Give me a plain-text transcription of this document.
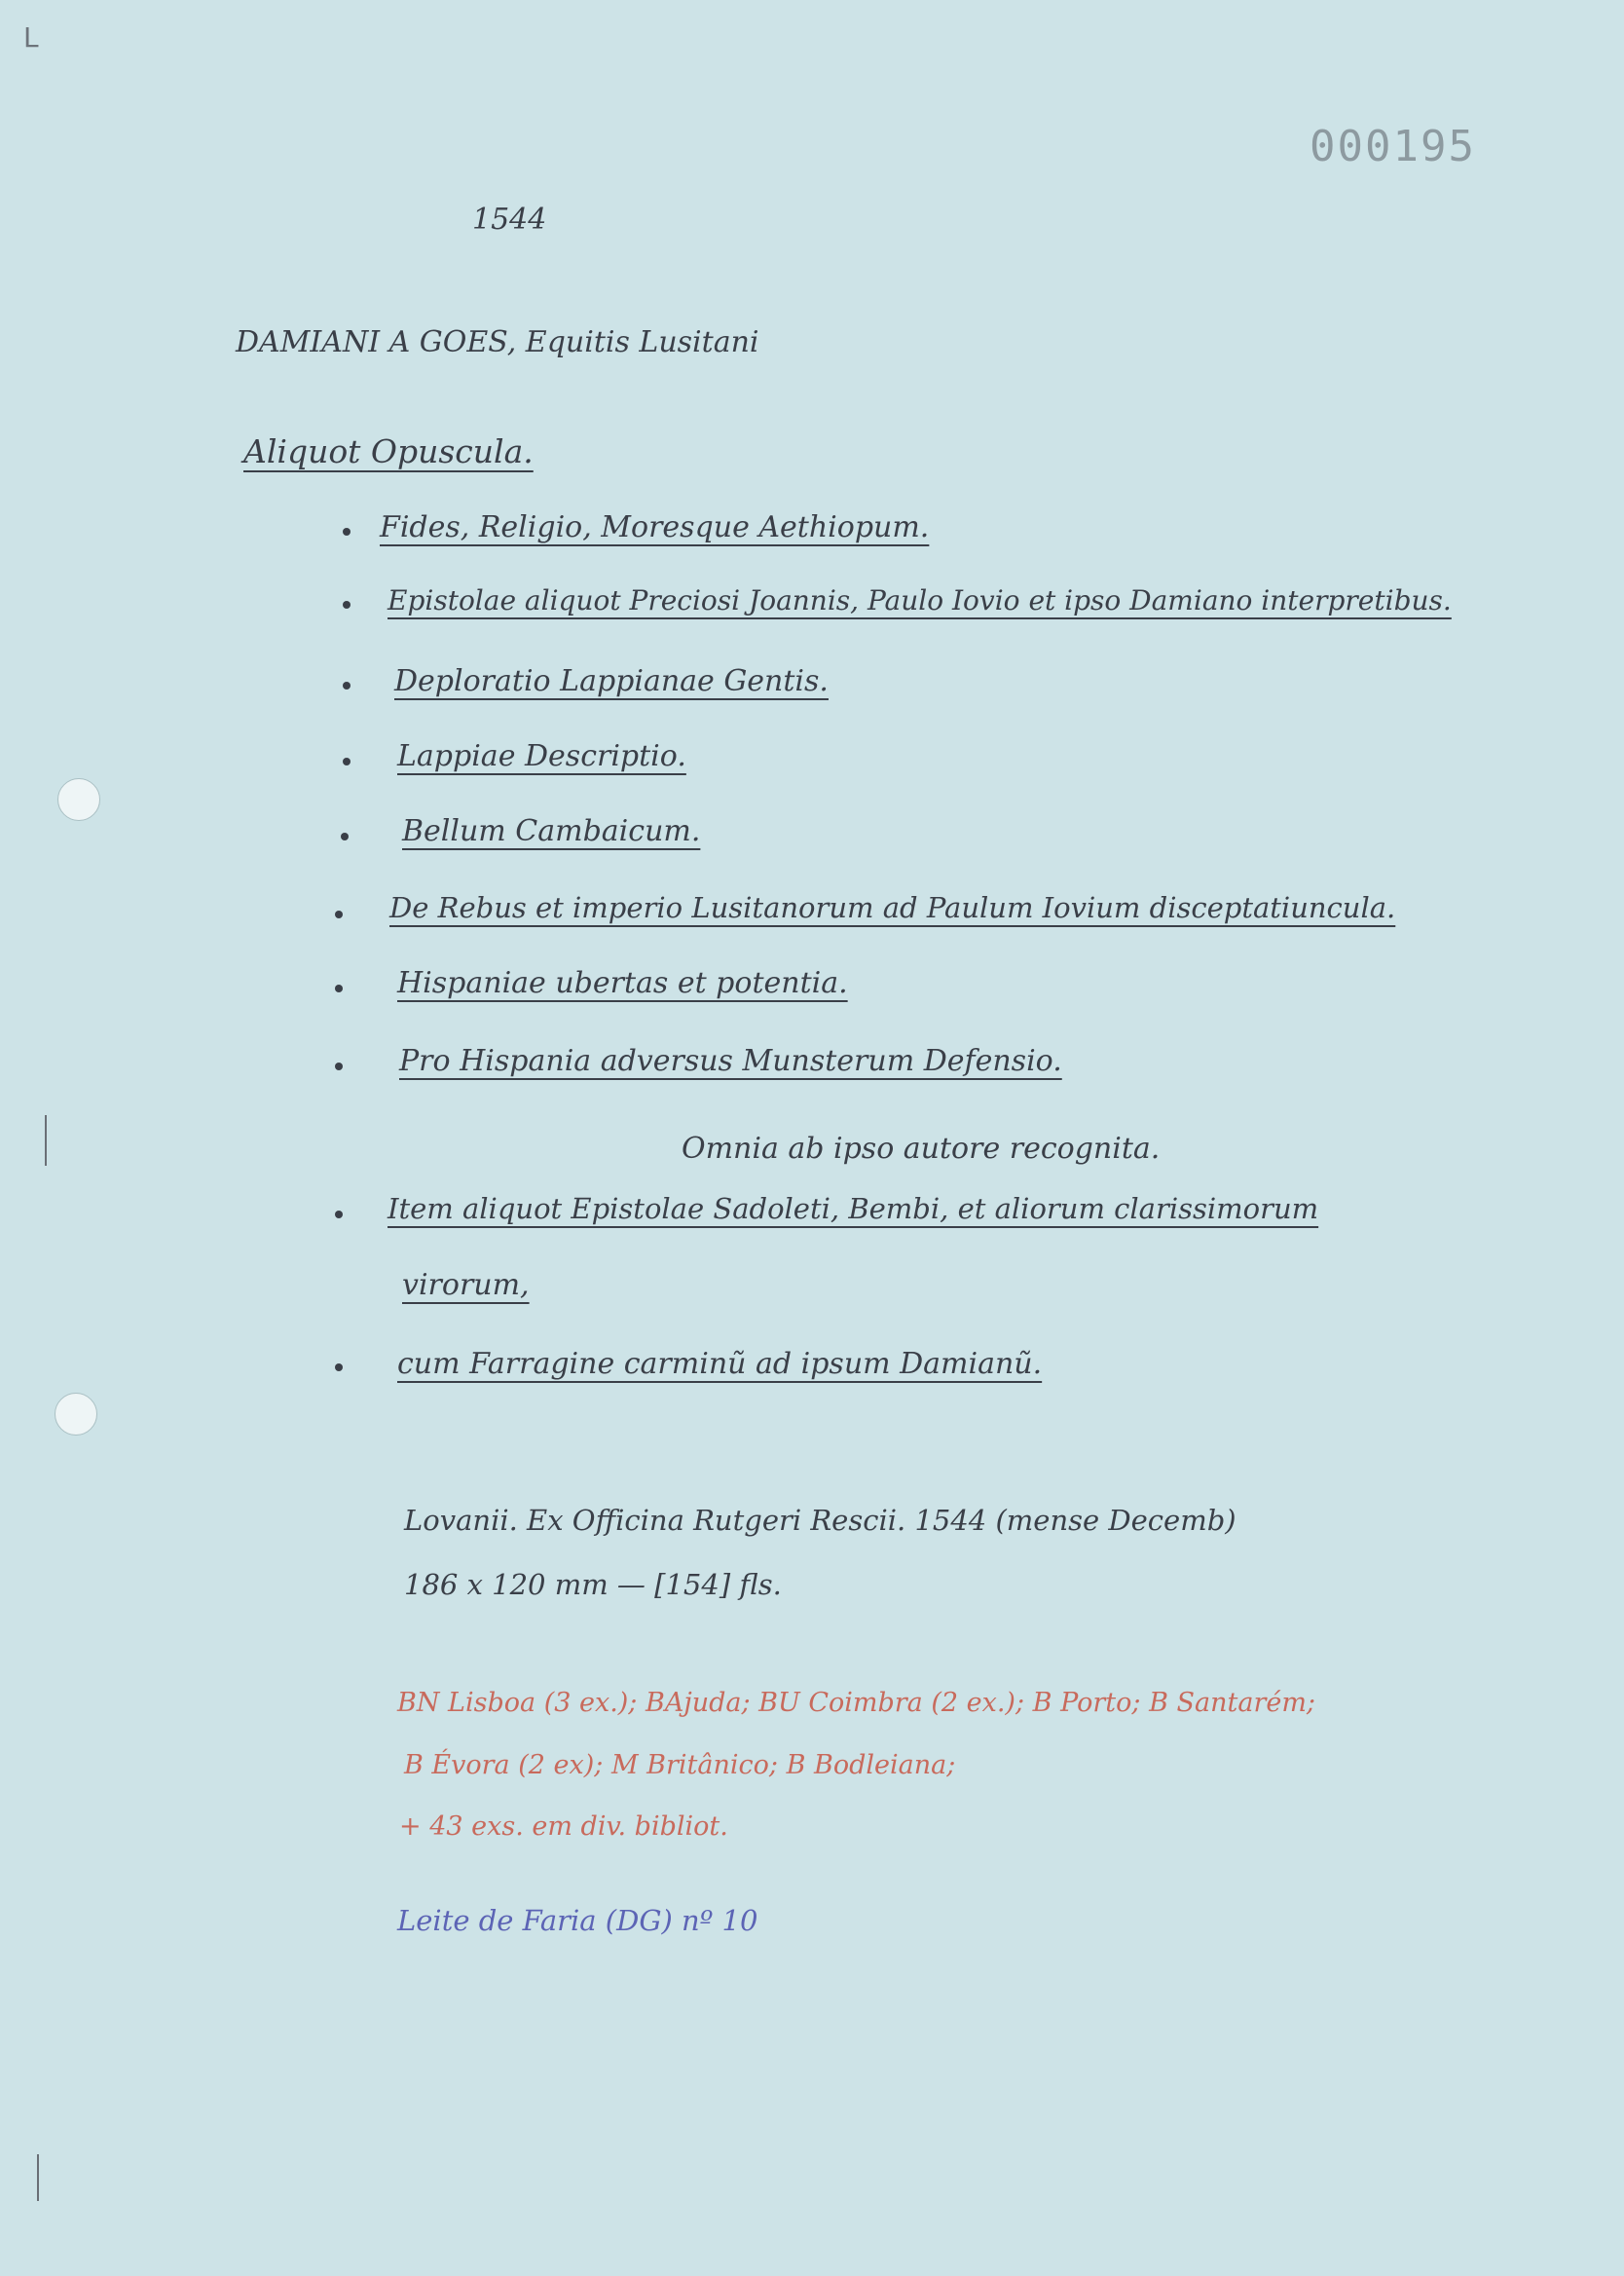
L
000195
1544
DAMIANI A GOES, Equitis Lusitani
Aliquot Opuscula.
Fides, Religio, Moresque Aethiopum.
Epistolae aliquot Preciosi Joannis, Paulo Iovio et ipso Damiano interpretibus.
Deploratio Lappianae Gentis.
Lappiae Descriptio.
Bellum Cambaicum.
De Rebus et imperio Lusitanorum ad Paulum Iovium disceptatiuncula.
Hispaniae ubertas et potentia.
Pro Hispania adversus Munsterum Defensio.
Omnia ab ipso autore recognita.
Item aliquot Epistolae Sadoleti, Bembi, et aliorum clarissimorum
virorum,
cum Farragine carminũ ad ipsum Damianũ.
Lovanii. Ex Officina Rutgeri Rescii. 1544 (mense Decemb)
186 x 120 mm — [154] fls.
BN Lisboa (3 ex.); BAjuda; BU Coimbra (2 ex.); B Porto; B Santarém;
B Évora (2 ex); M Britânico; B Bodleiana;
+ 43 exs. em div. bibliot.
Leite de Faria (DG) nº 10
